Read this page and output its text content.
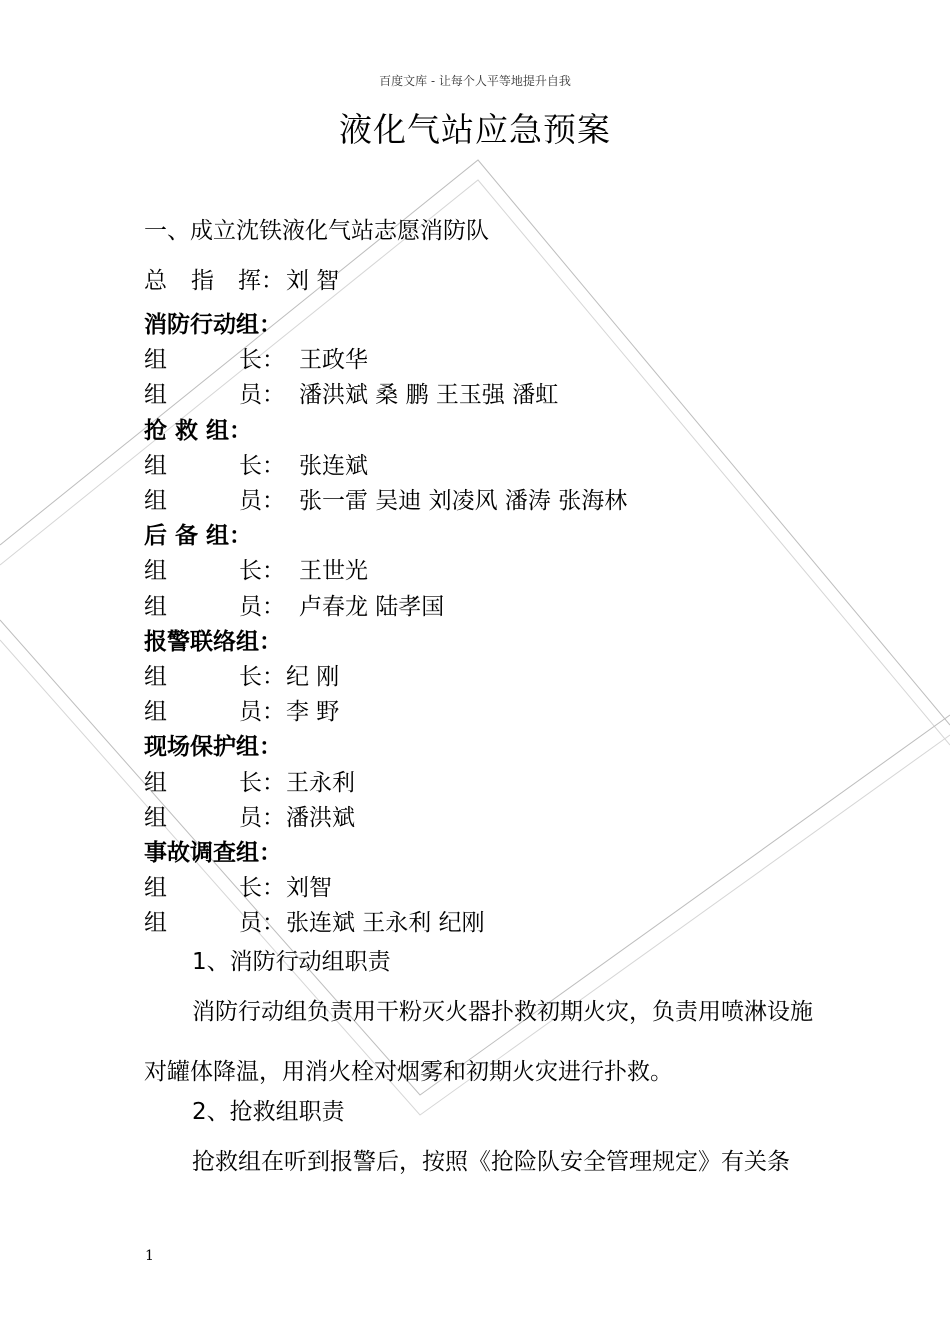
百度文库 - 让每个人平等地提升自我
液化气站应急预案
一、成立沈铁液化气站志愿消防队
总 指 挥： 刘 智
消防行动组：
组	长： 王政华
组	员： 潘洪斌 桑 鹏 王玉强 潘虹
抢 救 组：
组	长： 张连斌
组	员： 张一雷 吴迪 刘凌风 潘涛 张海林
后 备 组：
组	长： 王世光
组	员： 卢春龙 陆孝国
报警联络组：
组	长： 纪 刚
组	员： 李 野
现场保护组：
组	长： 王永利
组	员： 潘洪斌
事故调查组：
组	长： 刘智
组	员： 张连斌 王永利 纪刚
1、消防行动组职责
消防行动组负责用干粉灭火器扑救初期火灾，负责用喷淋设施对罐体降温，用消火栓对烟雾和初期火灾进行扑救。
2、抢救组职责
抢救组在听到报警后，按照《抢险队安全管理规定》有关条
1
